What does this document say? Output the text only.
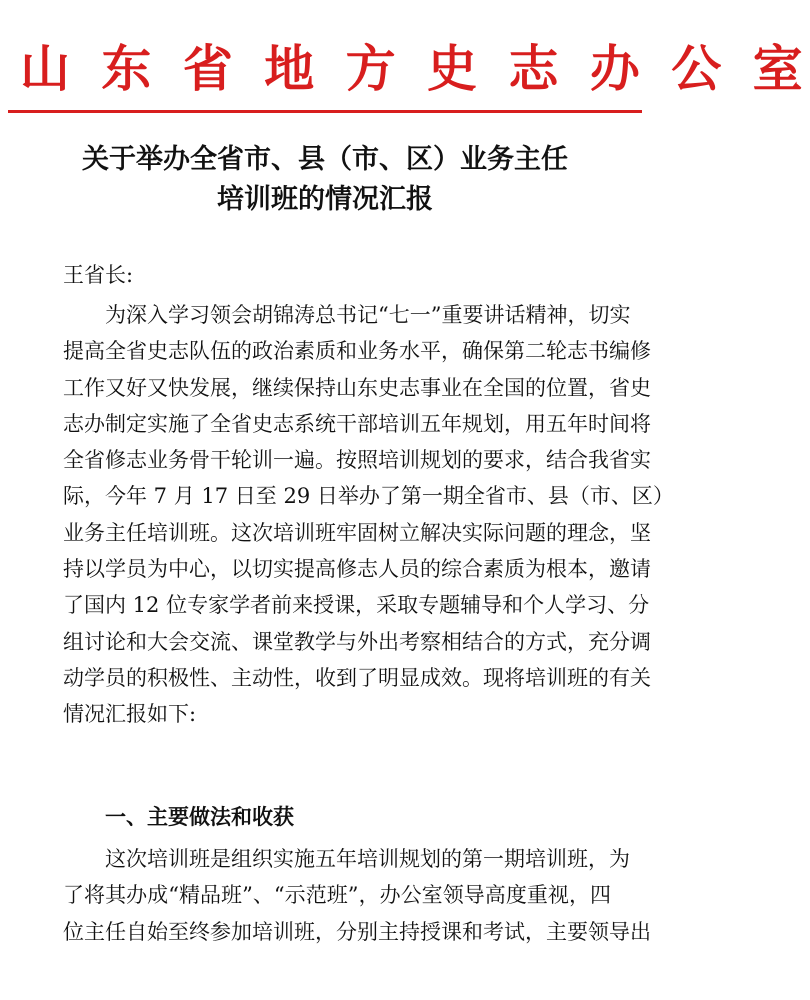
山 东 省 地 方 史 志 办 公 室
关于举办全省市、县（市、区）业务主任
培训班的情况汇报
王省长:
为深入学习领会胡锦涛总书记“七一”重要讲话精神，切实
提高全省史志队伍的政治素质和业务水平，确保第二轮志书编修
工作又好又快发展，继续保持山东史志事业在全国的位置，省史
志办制定实施了全省史志系统干部培训五年规划，用五年时间将
全省修志业务骨干轮训一遍。按照培训规划的要求，结合我省实
际，今年 7 月 17 日至 29 日举办了第一期全省市、县（市、区）
业务主任培训班。这次培训班牢固树立解决实际问题的理念，坚
持以学员为中心，以切实提高修志人员的综合素质为根本，邀请
了国内 12 位专家学者前来授课，采取专题辅导和个人学习、分
组讨论和大会交流、课堂教学与外出考察相结合的方式，充分调
动学员的积极性、主动性，收到了明显成效。现将培训班的有关
情况汇报如下:
一、主要做法和收获
这次培训班是组织实施五年培训规划的第一期培训班，为
了将其办成“精品班”、“示范班”，办公室领导高度重视，四
位主任自始至终参加培训班，分别主持授课和考试，主要领导出
